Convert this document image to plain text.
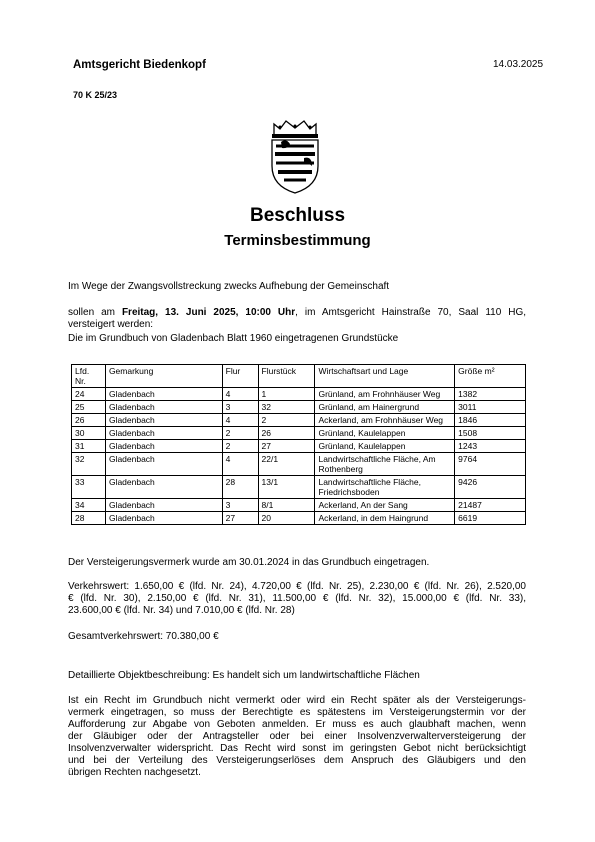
Amtsgericht Biedenkopf	14.03.2025
70 K 25/23
Beschluss
Terminsbestimmung
Im Wege der Zwangsvollstreckung zwecks Aufhebung der Gemeinschaft
sollen am Freitag, 13. Juni 2025, 10:00 Uhr, im Amtsgericht Hainstraße 70, Saal 110 HG,
versteigert werden:
Die im Grundbuch von Gladenbach Blatt 1960 eingetragenen Grundstücke
Lfd. Nr.	Gemarkung	Flur	Flurstück	Wirtschaftsart und Lage	Größe m²
24	Gladenbach	4	1	Grünland, am Frohnhäuser Weg	1382
25	Gladenbach	3	32	Grünland, am Hainergrund	3011
26	Gladenbach	4	2	Ackerland, am Frohnhäuser Weg	1846
30	Gladenbach	2	26	Grünland, Kaulelappen	1508
31	Gladenbach	2	27	Grünland, Kaulelappen	1243
32	Gladenbach	4	22/1	Landwirtschaftliche Fläche, Am Rothenberg	9764
33	Gladenbach	28	13/1	Landwirtschaftliche Fläche, Friedrichsboden	9426
34	Gladenbach	3	8/1	Ackerland, An der Sang	21487
28	Gladenbach	27	20	Ackerland, in dem Haingrund	6619
Der Versteigerungsvermerk wurde am 30.01.2024 in das Grundbuch eingetragen.
Verkehrswert: 1.650,00 € (lfd. Nr. 24), 4.720,00 € (lfd. Nr. 25), 2.230,00 € (lfd. Nr. 26), 2.520,00
€ (lfd. Nr. 30), 2.150,00 € (lfd. Nr. 31), 11.500,00 € (lfd. Nr. 32), 15.000,00 € (lfd. Nr. 33),
23.600,00 € (lfd. Nr. 34) und 7.010,00 € (lfd. Nr. 28)
Gesamtverkehrswert: 70.380,00 €
Detaillierte Objektbeschreibung: Es handelt sich um landwirtschaftliche Flächen
Ist ein Recht im Grundbuch nicht vermerkt oder wird ein Recht später als der Versteigerungs-
vermerk eingetragen, so muss der Berechtigte es spätestens im Versteigerungstermin vor der
Aufforderung zur Abgabe von Geboten anmelden. Er muss es auch glaubhaft machen, wenn
der Gläubiger oder der Antragsteller oder bei einer Insolvenzverwalterversteigerung der
Insolvenzverwalter widerspricht. Das Recht wird sonst im geringsten Gebot nicht berücksichtigt
und bei der Verteilung des Versteigerungserlöses dem Anspruch des Gläubigers und den
übrigen Rechten nachgesetzt.
